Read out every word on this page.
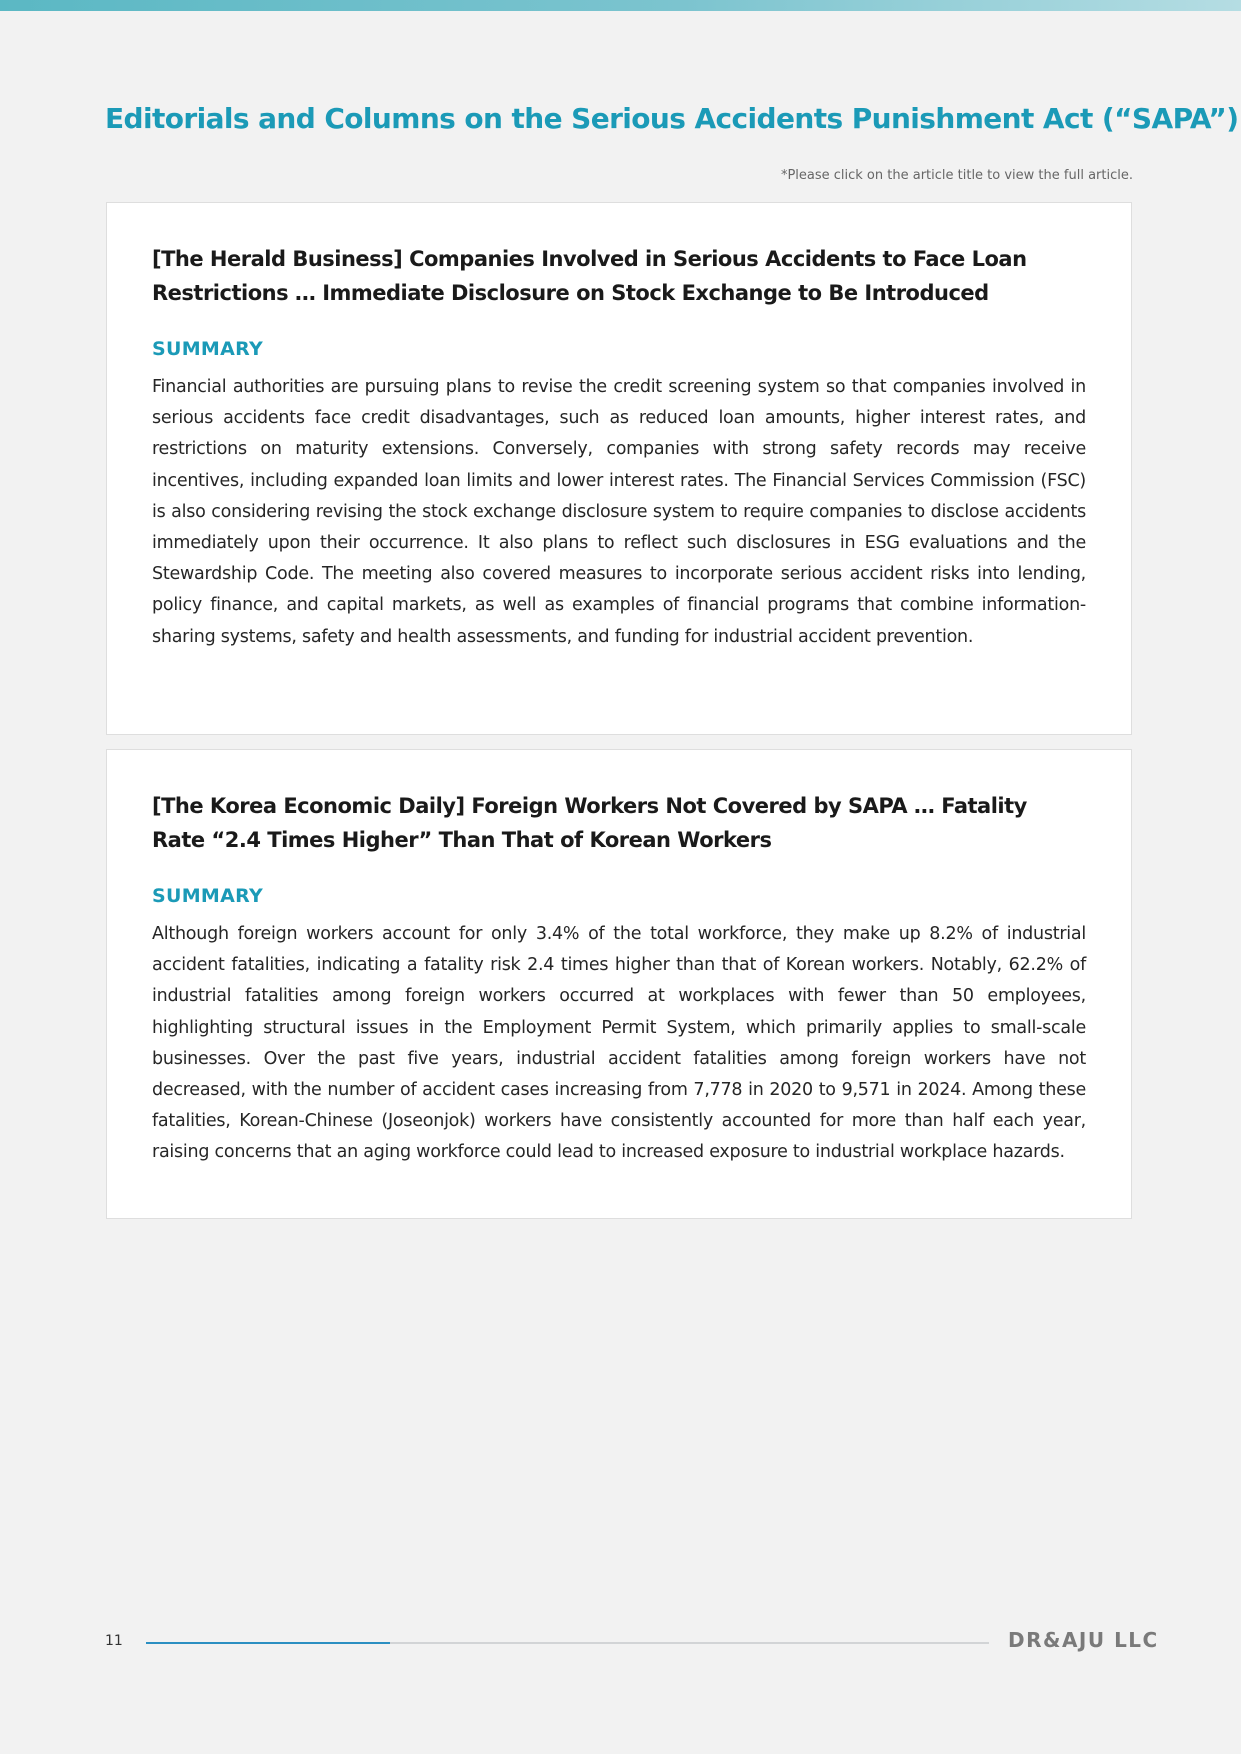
Editorials and Columns on the Serious Accidents Punishment Act (“SAPA”)
*Please click on the article title to view the full article.
[The Herald Business] Companies Involved in Serious Accidents to Face Loan Restrictions … Immediate Disclosure on Stock Exchange to Be Introduced
SUMMARY

Financial authorities are pursuing plans to revise the credit screening system so that companies involved in serious accidents face credit disadvantages, such as reduced loan amounts, higher interest rates, and restrictions on maturity extensions. Conversely, companies with strong safety records may receive incentives, including expanded loan limits and lower interest rates. The Financial Services Commission (FSC) is also considering revising the stock exchange disclosure system to require companies to disclose accidents immediately upon their occurrence. It also plans to reflect such disclosures in ESG evaluations and the Stewardship Code. The meeting also covered measures to incorporate serious accident risks into lending, policy finance, and capital markets, as well as examples of financial programs that combine information-sharing systems, safety and health assessments, and funding for industrial accident prevention.

[The Korea Economic Daily] Foreign Workers Not Covered by SAPA … Fatality Rate “2.4 Times Higher” Than That of Korean Workers
SUMMARY

Although foreign workers account for only 3.4% of the total workforce, they make up 8.2% of industrial accident fatalities, indicating a fatality risk 2.4 times higher than that of Korean workers. Notably, 62.2% of industrial fatalities among foreign workers occurred at workplaces with fewer than 50 employees, highlighting structural issues in the Employment Permit System, which primarily applies to small-scale businesses. Over the past five years, industrial accident fatalities among foreign workers have not decreased, with the number of accident cases increasing from 7,778 in 2020 to 9,571 in 2024. Among these fatalities, Korean-Chinese (Joseonjok) workers have consistently accounted for more than half each year, raising concerns that an aging workforce could lead to increased exposure to industrial workplace hazards.

11	DR&AJU LLC
